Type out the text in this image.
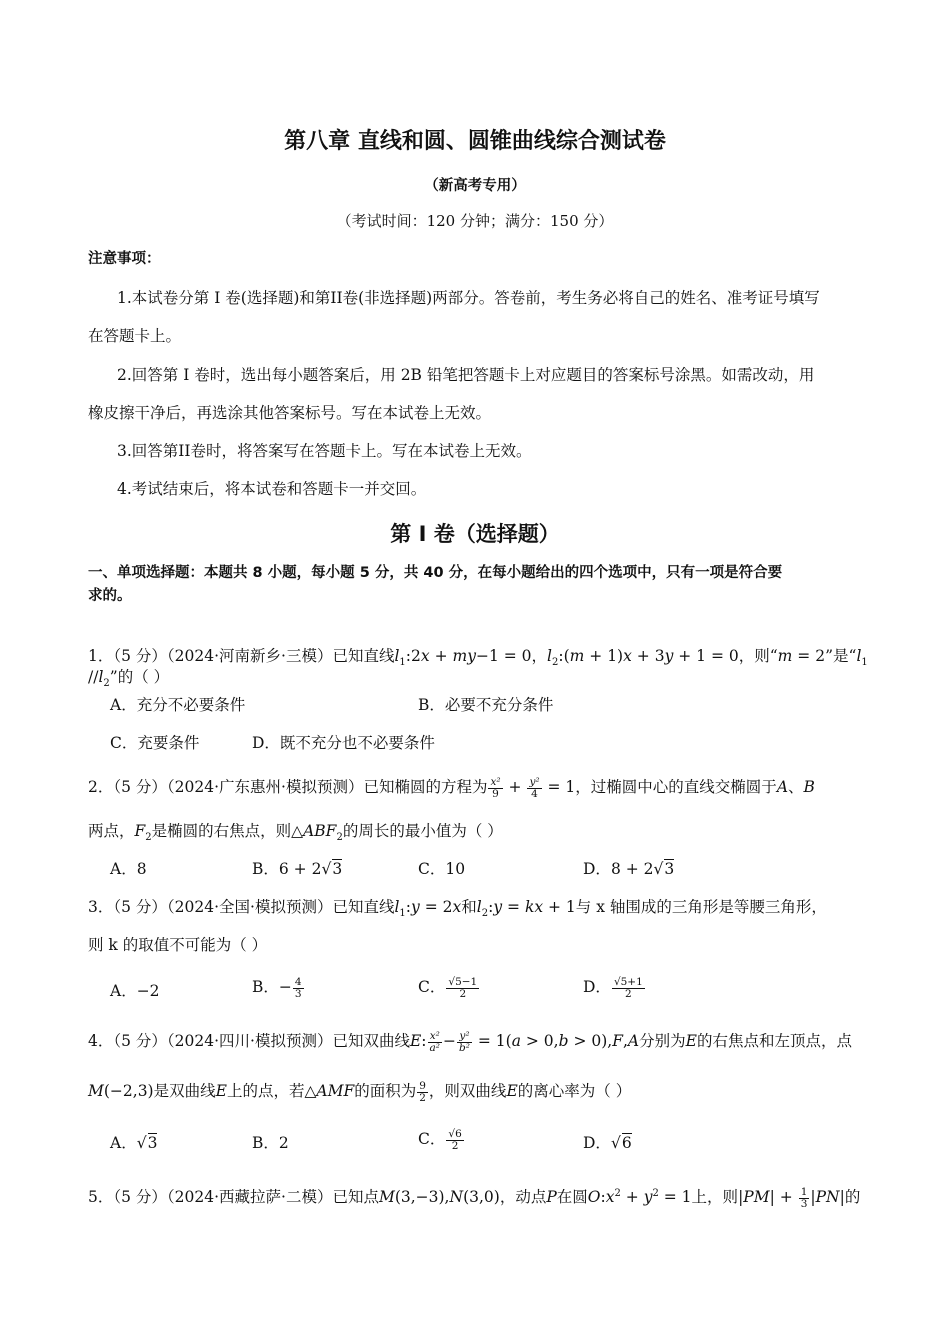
第八章 直线和圆、圆锥曲线综合测试卷
（新高考专用）
（考试时间：120 分钟；满分：150 分）
注意事项：
1.本试卷分第 I 卷(选择题)和第II卷(非选择题)两部分。答卷前，考生务必将自己的姓名、准考证号填写
在答题卡上。
2.回答第 I 卷时，选出每小题答案后，用 2B 铅笔把答题卡上对应题目的答案标号涂黑。如需改动，用
橡皮擦干净后，再选涂其他答案标号。写在本试卷上无效。
3.回答第II卷时，将答案写在答题卡上。写在本试卷上无效。
4.考试结束后，将本试卷和答题卡一并交回。
第 I 卷（选择题）
一、单项选择题：本题共 8 小题，每小题 5 分，共 40 分，在每小题给出的四个选项中，只有一项是符合要
求的。
1．（5 分）（2024·河南新乡·三模）已知直线$l_1:2x + my-1 = 0$，$l_2:(m + 1)x + 3y + 1 = 0$，则“m = 2”是“$l_1$
$//l_2$”的（ ）
A．充分不必要条件	B．必要不充分条件
C．充要条件	D．既不充分也不必要条件
2．（5 分）（2024·广东惠州·模拟预测）已知椭圆的方程为 $\frac{\text{x²}}{9} + \frac{\text{y²}}{4} = 1$，过椭圆中心的直线交椭圆于A、B
两点，$F_2$是椭圆的右焦点，则$\triangle ABF_2$的周长的最小值为（ ）
A．8	B．6 + 2√3	C．10	D．8 + 2√3
3．（5 分）（2024·全国·模拟预测）已知直线$l_1:y = 2x$和$l_2:y$ = kx + 1与 x 轴围成的三角形是等腰三角形，
则 k 的取值不可能为（ ）
A．−2	B．− $\frac{4}{3}$	C． $\frac{√5-1}{2}$	D． $\frac{√5+1}{2}$
4．（5 分）（2024·四川·模拟预测）已知双曲线E: $\frac{\text{x²}}{\text{a²}} - \frac{\text{y²}}{\text{b²}} = 1(a > 0,b > 0),F,A$分别为E的右焦点和左顶点，点
M(−2,3)是双曲线E上的点，若△AMF的面积为 $\frac{9}{2}$ ，则双曲线E的离心率为（ ）
A．√3	B．2	C． $\frac{√6}{2}$	D．√6
5．（5 分）（2024·西藏拉萨·二模）已知点M(3,−3),N(3,0)，动点P在圆$O:x^2 + y^2 = 1$上，则$|PM| + \frac{1}{3} |PN|$的
